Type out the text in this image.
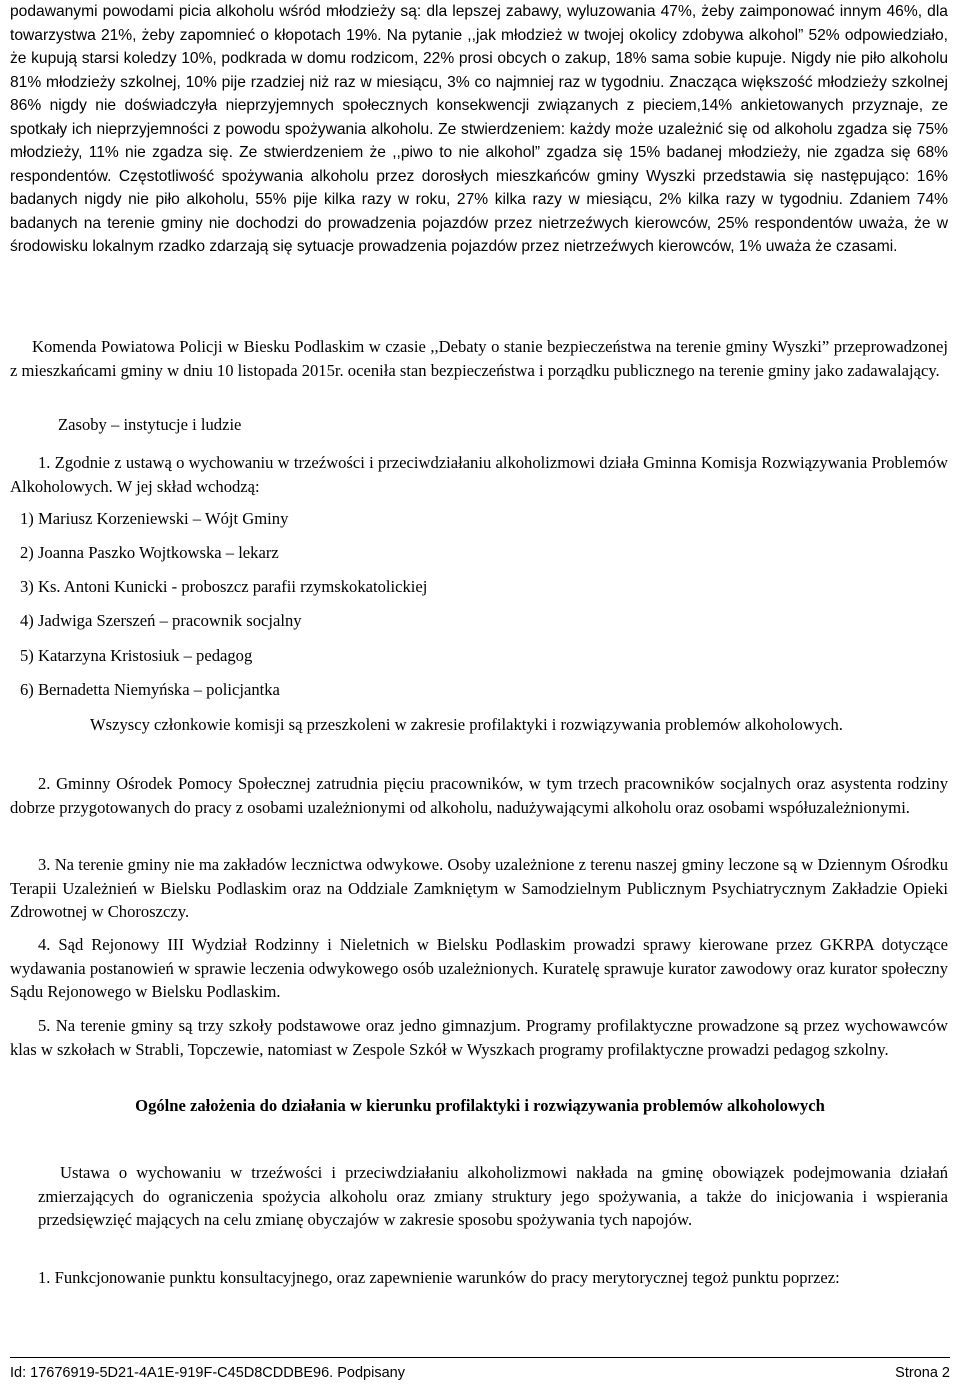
podawanymi powodami picia alkoholu wśród młodzieży są: dla lepszej zabawy, wyluzowania 47%, żeby zaimponować innym 46%, dla towarzystwa 21%, żeby zapomnieć o kłopotach 19%. Na pytanie ,,jak młodzież w twojej okolicy zdobywa alkohol” 52% odpowiedziało, że kupują starsi koledzy 10%, podkrada w domu rodzicom, 22% prosi obcych o zakup, 18% sama sobie kupuje. Nigdy nie piło alkoholu 81% młodzieży szkolnej, 10% pije rzadziej niż raz w miesiącu, 3% co najmniej raz w tygodniu. Znacząca większość młodzieży szkolnej 86% nigdy nie doświadczyła nieprzyjemnych społecznych konsekwencji związanych z pieciem,14% ankietowanych przyznaje, ze spotkały ich nieprzyjemności z powodu spożywania alkoholu. Ze stwierdzeniem: każdy może uzależnić się od alkoholu zgadza się 75% młodzieży, 11% nie zgadza się. Ze stwierdzeniem że ,,piwo to nie alkohol” zgadza się 15% badanej młodzieży, nie zgadza się 68% respondentów. Częstotliwość spożywania alkoholu przez dorosłych mieszkańców gminy Wyszki przedstawia się następująco: 16% badanych nigdy nie piło alkoholu, 55% pije kilka razy w roku, 27% kilka razy w miesiącu, 2% kilka razy w tygodniu. Zdaniem 74% badanych na terenie gminy nie dochodzi do prowadzenia pojazdów przez nietrzeźwych kierowców, 25% respondentów uważa, że w środowisku lokalnym rzadko zdarzają się sytuacje prowadzenia pojazdów przez nietrzeźwych kierowców, 1% uważa że czasami.

Komenda Powiatowa Policji w Biesku Podlaskim w czasie ,,Debaty o stanie bezpieczeństwa na terenie gminy Wyszki” przeprowadzonej z mieszkańcami gminy w dniu 10 listopada 2015r. oceniła stan bezpieczeństwa i porządku publicznego na terenie gminy jako zadawalający.

Zasoby – instytucje i ludzie

1. Zgodnie z ustawą o wychowaniu w trzeźwości i przeciwdziałaniu alkoholizmowi działa Gminna Komisja Rozwiązywania Problemów Alkoholowych. W jej skład wchodzą:

1) Mariusz Korzeniewski – Wójt Gminy

2) Joanna Paszko Wojtkowska – lekarz

3) Ks. Antoni Kunicki - proboszcz parafii rzymskokatolickiej

4) Jadwiga Szerszeń – pracownik socjalny

5) Katarzyna Kristosiuk – pedagog

6) Bernadetta Niemyńska – policjantka

Wszyscy członkowie komisji są przeszkoleni w zakresie profilaktyki i rozwiązywania problemów alkoholowych.

2. Gminny Ośrodek Pomocy Społecznej zatrudnia pięciu pracowników, w tym trzech pracowników socjalnych oraz asystenta rodziny dobrze przygotowanych do pracy z osobami uzależnionymi od alkoholu, nadużywającymi alkoholu oraz osobami współuzależnionymi.

3. Na terenie gminy nie ma zakładów lecznictwa odwykowe. Osoby uzależnione z terenu naszej gminy leczone są w Dziennym Ośrodku Terapii Uzależnień w Bielsku Podlaskim oraz na Oddziale Zamkniętym w Samodzielnym Publicznym Psychiatrycznym Zakładzie Opieki Zdrowotnej w Choroszczy.

4. Sąd Rejonowy III Wydział Rodzinny i Nieletnich w Bielsku Podlaskim prowadzi sprawy kierowane przez GKRPA dotyczące wydawania postanowień w sprawie leczenia odwykowego osób uzależnionych. Kuratelę sprawuje kurator zawodowy oraz kurator społeczny Sądu Rejonowego w Bielsku Podlaskim.

5. Na terenie gminy są trzy szkoły podstawowe oraz jedno gimnazjum. Programy profilaktyczne prowadzone są przez wychowawców klas w szkołach w Strabli, Topczewie, natomiast w Zespole Szkół w Wyszkach programy profilaktyczne prowadzi pedagog szkolny.

Ogólne założenia do działania w kierunku profilaktyki i rozwiązywania problemów alkoholowych

Ustawa o wychowaniu w trzeźwości i przeciwdziałaniu alkoholizmowi nakłada na gminę obowiązek podejmowania działań zmierzających do ograniczenia spożycia alkoholu oraz zmiany struktury jego spożywania, a także do inicjowania i wspierania przedsięwzięć mających na celu zmianę obyczajów w zakresie sposobu spożywania tych napojów.

1. Funkcjonowanie punktu konsultacyjnego, oraz zapewnienie warunków do pracy merytorycznej tegoż punktu poprzez:

Id: 17676919-5D21-4A1E-919F-C45D8CDDBE96. Podpisany	Strona 2
